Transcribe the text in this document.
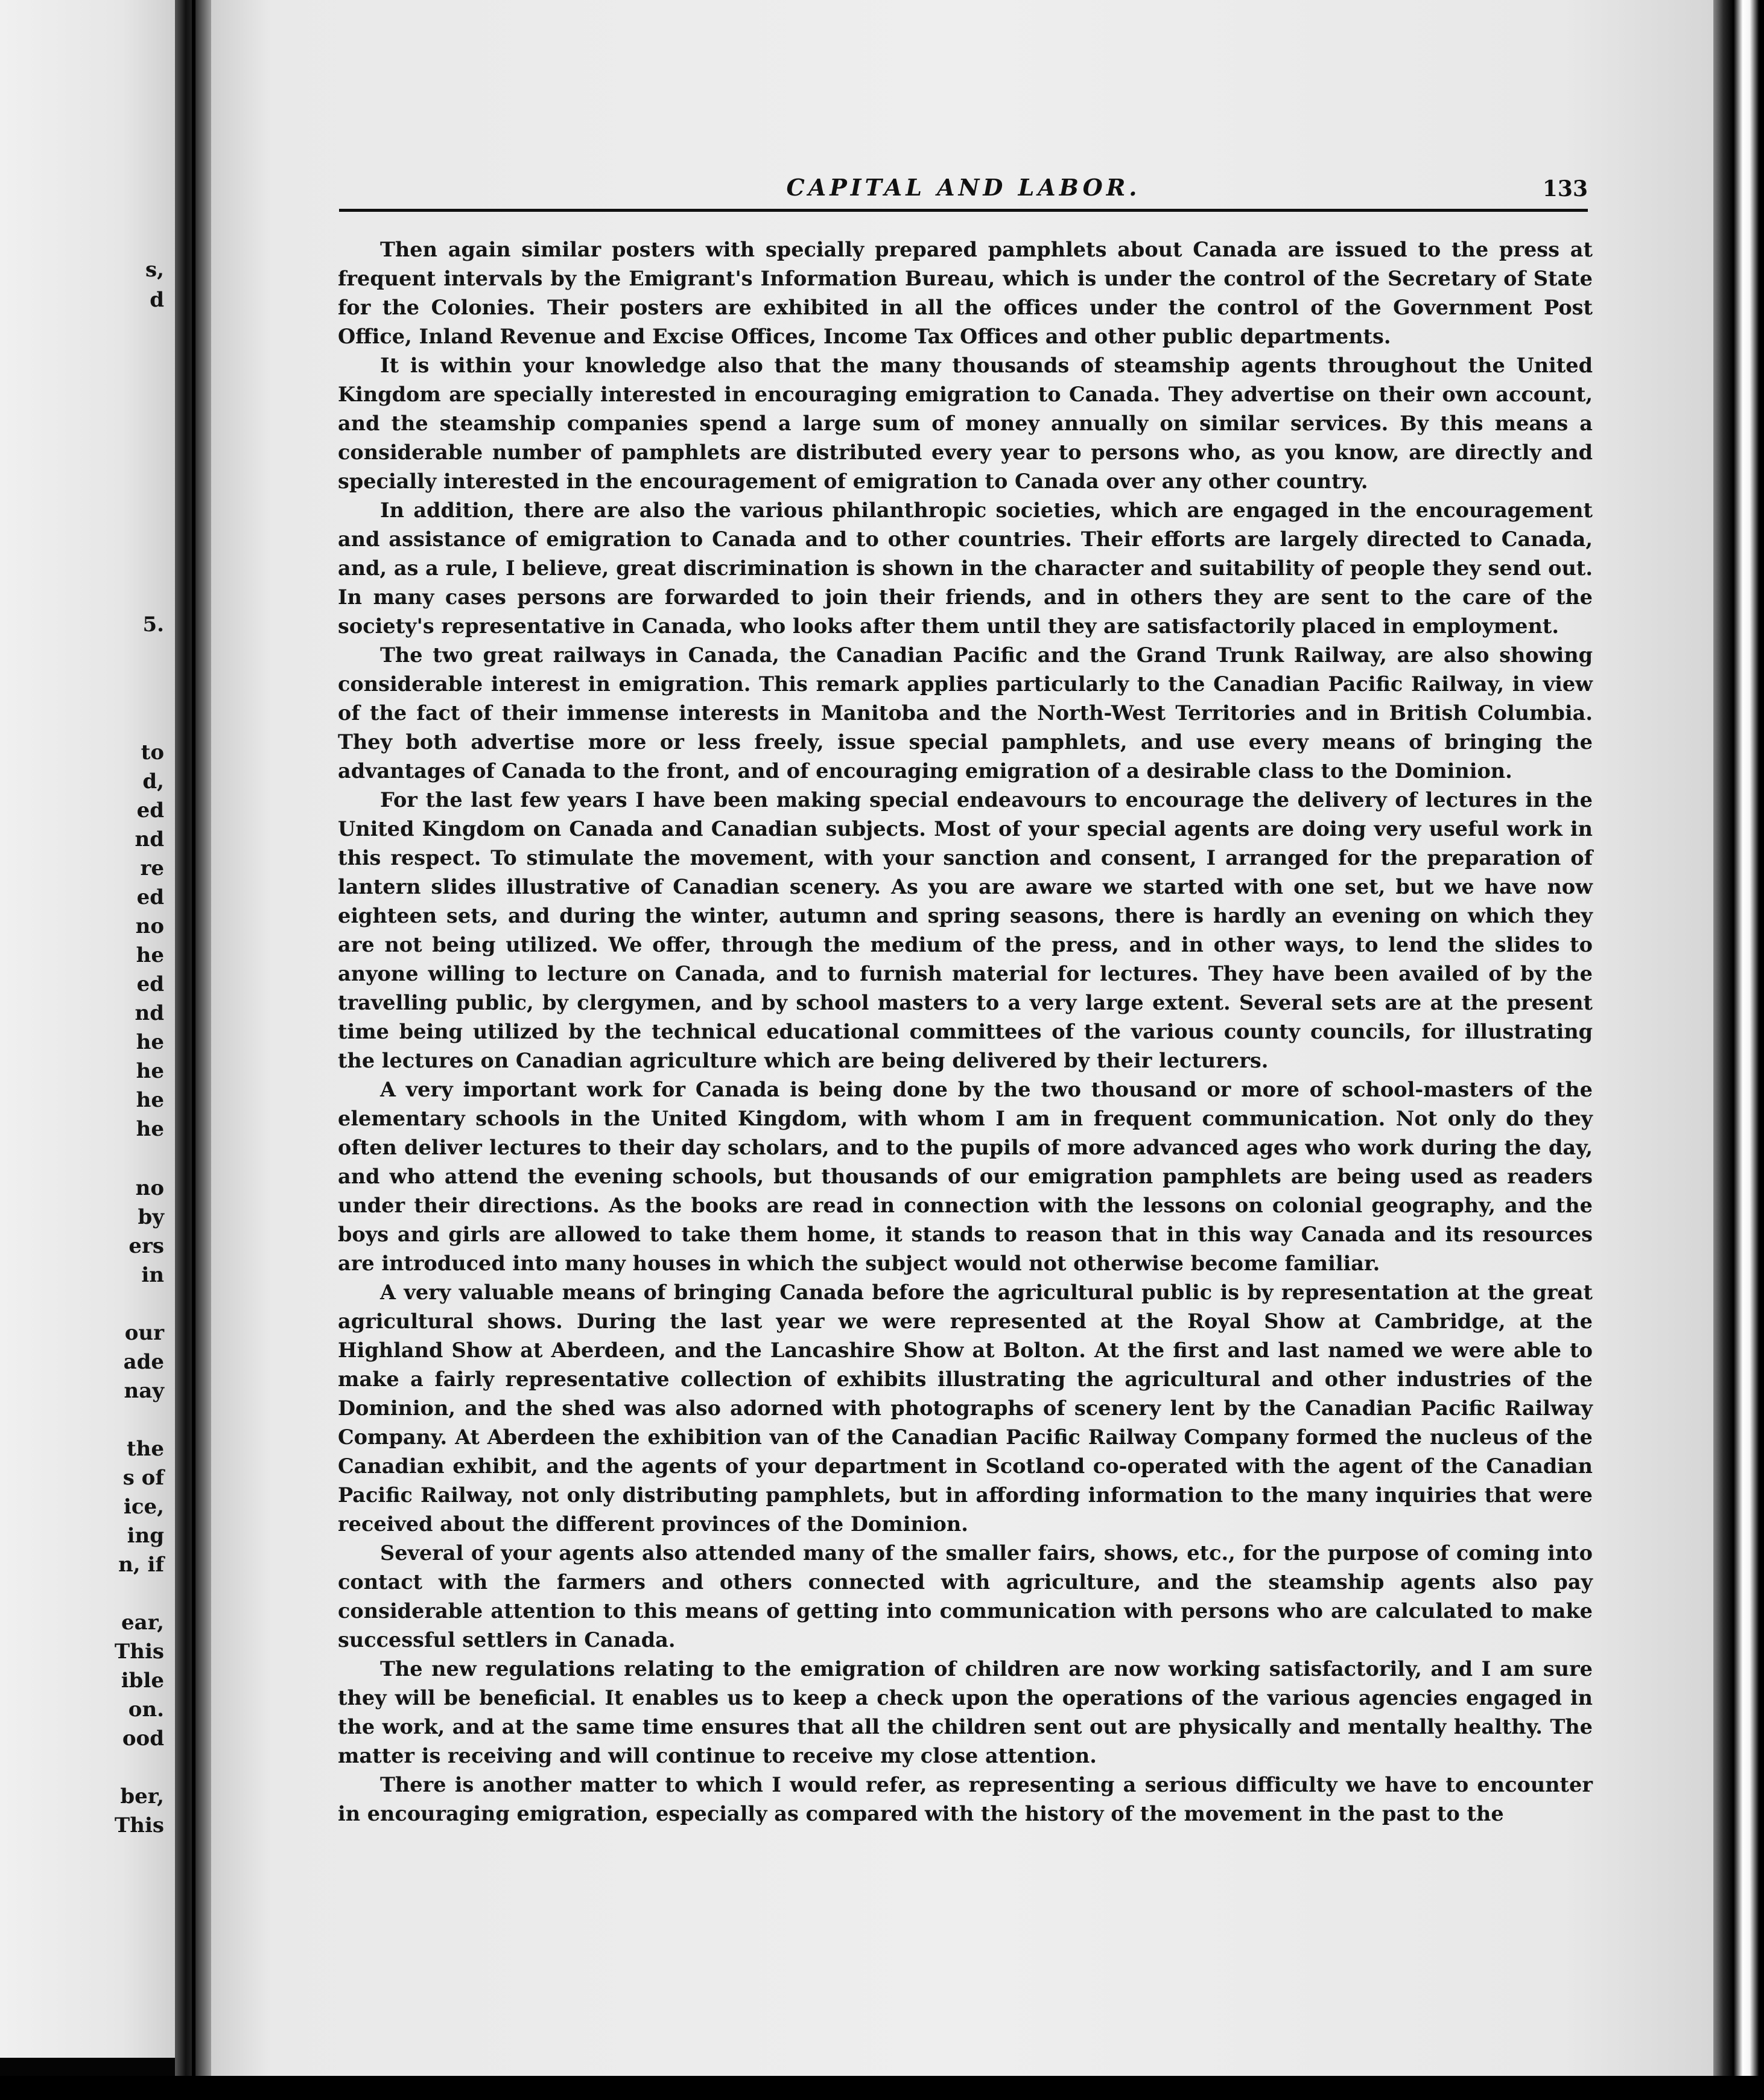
s,
d
5.
to
d,
ed
nd
re
ed
no
he
ed
nd
he
he
he
he
no
by
ers
in
our
ade
nay
the
s of
ice,
ing
n, if
ear,
This
ible
on.
ood
ber,
This
CAPITAL AND LABOR.	133

Then again similar posters with specially prepared pamphlets about Canada are issued to the press at frequent intervals by the Emigrant's Information Bureau, which is under the control of the Secretary of State for the Colonies. Their posters are exhibited in all the offices under the control of the Government Post Office, Inland Revenue and Excise Offices, Income Tax Offices and other public departments.

It is within your knowledge also that the many thousands of steamship agents throughout the United Kingdom are specially interested in encouraging emigration to Canada. They advertise on their own account, and the steamship companies spend a large sum of money annually on similar services. By this means a considerable number of pamphlets are distributed every year to persons who, as you know, are directly and specially interested in the encouragement of emigration to Canada over any other country.

In addition, there are also the various philanthropic societies, which are engaged in the encouragement and assistance of emigration to Canada and to other countries. Their efforts are largely directed to Canada, and, as a rule, I believe, great discrimination is shown in the character and suitability of people they send out. In many cases persons are forwarded to join their friends, and in others they are sent to the care of the society's representative in Canada, who looks after them until they are satisfactorily placed in employment.

The two great railways in Canada, the Canadian Pacific and the Grand Trunk Railway, are also showing considerable interest in emigration. This remark applies particularly to the Canadian Pacific Railway, in view of the fact of their immense interests in Manitoba and the North-West Territories and in British Columbia. They both advertise more or less freely, issue special pamphlets, and use every means of bringing the advantages of Canada to the front, and of encouraging emigration of a desirable class to the Dominion.

For the last few years I have been making special endeavours to encourage the delivery of lectures in the United Kingdom on Canada and Canadian subjects. Most of your special agents are doing very useful work in this respect. To stimulate the movement, with your sanction and consent, I arranged for the preparation of lantern slides illustrative of Canadian scenery. As you are aware we started with one set, but we have now eighteen sets, and during the winter, autumn and spring seasons, there is hardly an evening on which they are not being utilized. We offer, through the medium of the press, and in other ways, to lend the slides to anyone willing to lecture on Canada, and to furnish material for lectures. They have been availed of by the travelling public, by clergymen, and by school masters to a very large extent. Several sets are at the present time being utilized by the technical educational committees of the various county councils, for illustrating the lectures on Canadian agriculture which are being delivered by their lecturers.

A very important work for Canada is being done by the two thousand or more of school-masters of the elementary schools in the United Kingdom, with whom I am in frequent communication. Not only do they often deliver lectures to their day scholars, and to the pupils of more advanced ages who work during the day, and who attend the evening schools, but thousands of our emigration pamphlets are being used as readers under their directions. As the books are read in connection with the lessons on colonial geography, and the boys and girls are allowed to take them home, it stands to reason that in this way Canada and its resources are introduced into many houses in which the subject would not otherwise become familiar.

A very valuable means of bringing Canada before the agricultural public is by representation at the great agricultural shows. During the last year we were represented at the Royal Show at Cambridge, at the Highland Show at Aberdeen, and the Lancashire Show at Bolton. At the first and last named we were able to make a fairly representative collection of exhibits illustrating the agricultural and other industries of the Dominion, and the shed was also adorned with photographs of scenery lent by the Canadian Pacific Railway Company. At Aberdeen the exhibition van of the Canadian Pacific Railway Company formed the nucleus of the Canadian exhibit, and the agents of your department in Scotland co-operated with the agent of the Canadian Pacific Railway, not only distributing pamphlets, but in affording information to the many inquiries that were received about the different provinces of the Dominion.

Several of your agents also attended many of the smaller fairs, shows, etc., for the purpose of coming into contact with the farmers and others connected with agriculture, and the steamship agents also pay considerable attention to this means of getting into communication with persons who are calculated to make successful settlers in Canada.

The new regulations relating to the emigration of children are now working satisfactorily, and I am sure they will be beneficial. It enables us to keep a check upon the operations of the various agencies engaged in the work, and at the same time ensures that all the children sent out are physically and mentally healthy. The matter is receiving and will continue to receive my close attention.

There is another matter to which I would refer, as representing a serious difficulty we have to encounter in encouraging emigration, especially as compared with the history of the movement in the past to the
